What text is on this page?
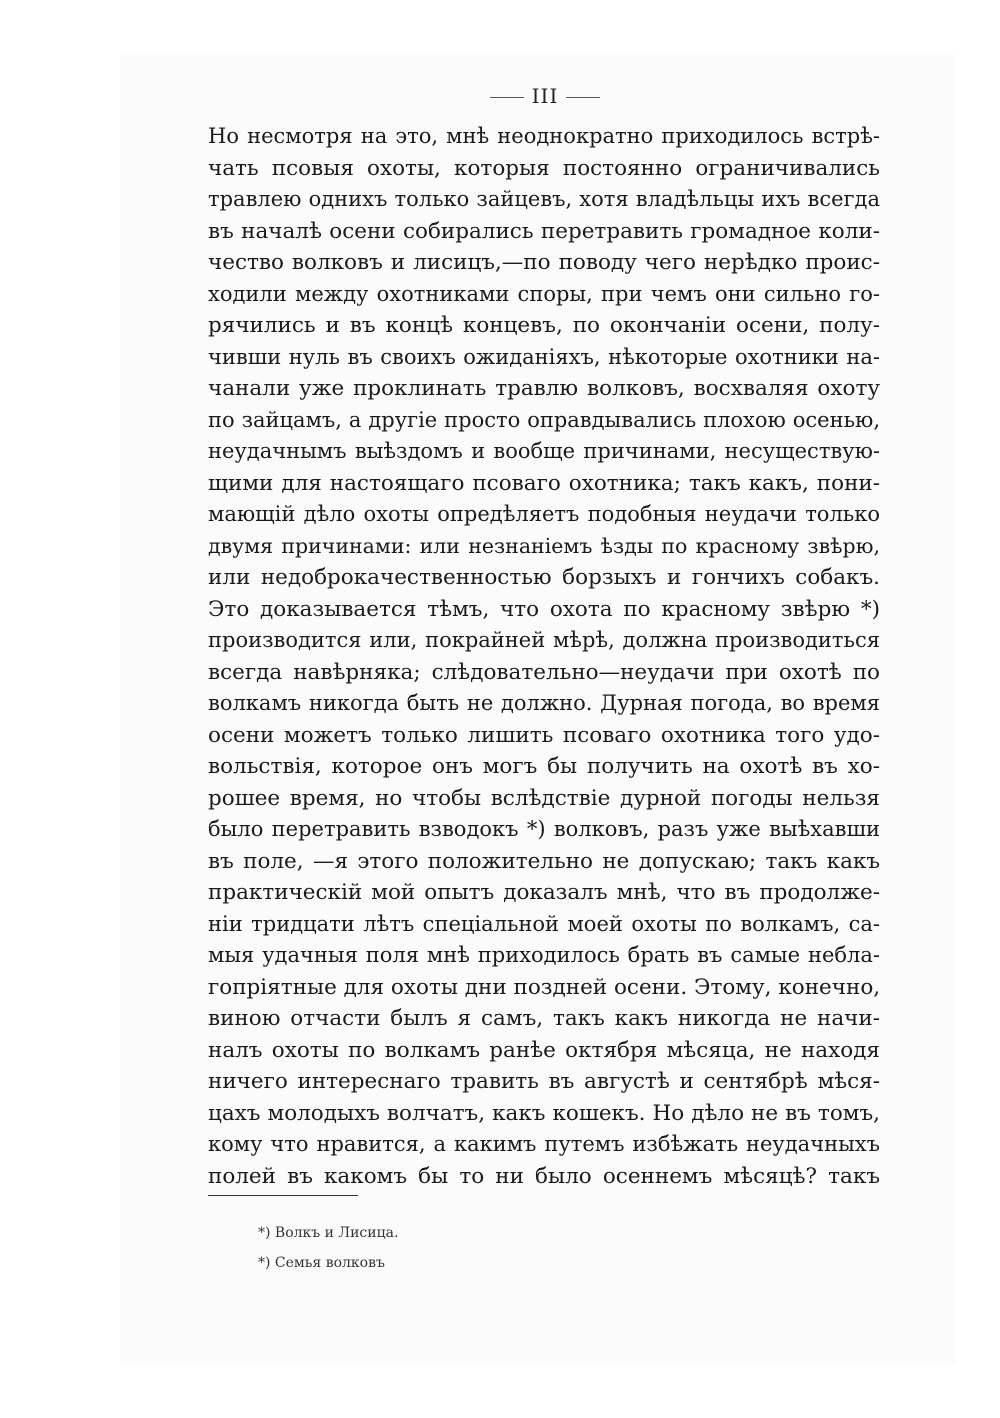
III
Но несмотря на это, мнѣ неоднократно приходилось встрѣ-
чать псовыя охоты, которыя постоянно ограничивались
травлею однихъ только зайцевъ, хотя владѣльцы ихъ всегда
въ началѣ осени собирались перетравить громадное коли-
чество волковъ и лисицъ,—по поводу чего нерѣдко проис-
ходили между охотниками споры, при чемъ они сильно го-
рячились и въ концѣ концевъ, по окончаніи осени, полу-
чивши нуль въ своихъ ожиданіяхъ, нѣкоторые охотники на-
чанали уже проклинать травлю волковъ, восхваляя охоту
по зайцамъ, а другіе просто оправдывались плохою осенью,
неудачнымъ выѣздомъ и вообще причинами, несуществую-
щими для настоящаго псоваго охотника; такъ какъ, пони-
мающій дѣло охоты опредѣляетъ подобныя неудачи только
двумя причинами: или незнаніемъ ѣзды по красному звѣрю,
или недоброкачественностью борзыхъ и гончихъ собакъ.
Это доказывается тѣмъ, что охота по красному звѣрю *)
производится или, покрайней мѣрѣ, должна производиться
всегда навѣрняка; слѣдовательно—неудачи при охотѣ по
волкамъ никогда быть не должно. Дурная погода, во время
осени можетъ только лишить псоваго охотника того удо-
вольствія, которое онъ могъ бы получить на охотѣ въ хо-
рошее время, но чтобы вслѣдствіе дурной погоды нельзя
было перетравить взводокъ *) волковъ, разъ уже выѣхавши
въ поле, —я этого положительно не допускаю; такъ какъ
практическій мой опытъ доказалъ мнѣ, что въ продолже-
ніи тридцати лѣтъ спеціальной моей охоты по волкамъ, са-
мыя удачныя поля мнѣ приходилось брать въ самые небла-
гопріятные для охоты дни поздней осени. Этому, конечно,
виною отчасти былъ я самъ, такъ какъ никогда не начи-
налъ охоты по волкамъ ранѣе октября мѣсяца, не находя
ничего интереснаго травить въ августѣ и сентябрѣ мѣся-
цахъ молодыхъ волчатъ, какъ кошекъ. Но дѣло не въ томъ,
кому что нравится, а какимъ путемъ избѣжать неудачныхъ
полей въ какомъ бы то ни было осеннемъ мѣсяцѣ? такъ
*) Волкъ и Лисица.
*) Семья волковъ
